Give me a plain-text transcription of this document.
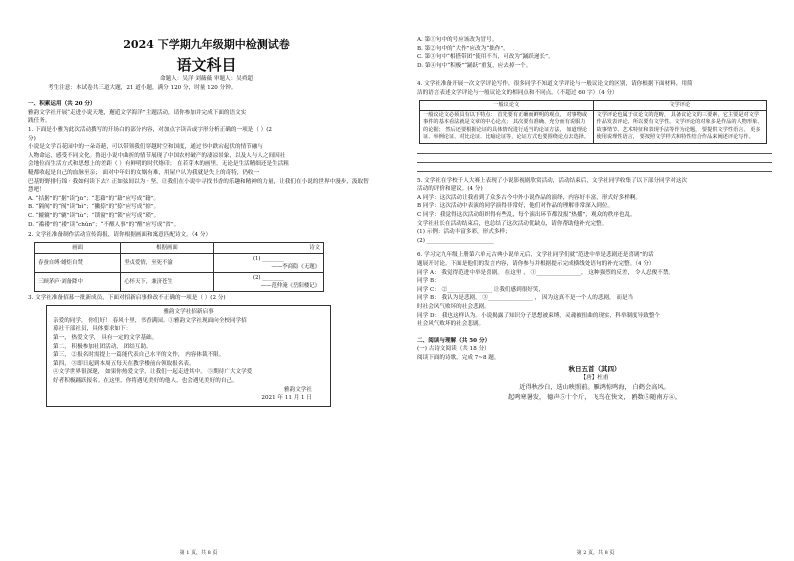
2024 下学期九年级期中检测试卷
语文科目
命题人：吴洋 刘薇薇 审题人：吴舜超
考生注意：本试卷共三道大题，21 道小题，满分 120 分，时量 120 分钟。
一、积累运用（共 20 分）
雅韵文学社开展“走进小说天地，邂逅文学海洋”主题活动，请你参加并完成下面的语文实
践任务。
1. 下面是小雅为此次活动撰写的开场白的部分内容，对加点字读音或字形分析正确的一项是（ ）(2
分)
小说是文学百花园中的一朵奇葩，可以带领我们穿越时空和国度，通过书中跌宕起伏的情节融与
人物命运，感受不同文化。鲁迅小说中曲折的情节展现了中国农村破产的凄凉景象，以及人与人之间因社
会地位而生活方式和思想上的差距（ ）有鲜明的时代烙印； 在若芽木的画里，无论是生活精细还是生活粗
糙都收起是自己的血脉至亲； 面对中年妇的女娲有难，用屋户认为我就是失上的奇特，仍收一
巴基野野排行锦 · 我如何读下去？正如弦间以为 · 坚，让我们在小说中寻找书香的乐趣和精神的力量，让我们在小说的世界中漫步，汲取智
慧吧！
A. “拮据”的“据”读“jū”；“悲藉”的“藉”应写成“籍”。
B. “隔阂”的“阂”读“bǐ”；“撇捺”的“捺”应写成“掠”。
C. “辘辘”的“辘”读“lù”；“锁窗”的“锁”应写成“琐”。
D. “褴褛”的“褛”读“chǔn”；“不醒人事”的“醒”应写成“省”。
2. 文学社准备制作活动宣传海报，请你根据画面和寓意匹配诗文。（4 分）
画面	根据画面	诗文
春蚕自缚·蜡炬自焚	坚贞爱情，至死不渝	(1) ________
——李商隐《无题》

三顾茅庐·刘备降中	心怀天下，兼济苍生	(2) ________
——范仲淹《岳阳楼记》
3. 文学社准备招募一批新成员，下面对招新启事修改不正确的一项是（ ）(2 分)
雅韵文学社招新启事
亲爱的同学， 你们好！ 春风十里，书香满园。①雅韵文学社现面向全校同学招
募社干部社员，具体要求如下：
第一， 热爱文学， 具有一定的文学基础。
第二， 积极参加社团活动， 团结互助。
第三， ②报名时需提上一篇能代表自己水平的文作， 内容体裁不限。
第四， ③即日起到本周五每天在教学楼前台领取报名表。
④文学世界很深邃， 如果你热爱文学，让我们一起走进其中。 ⑤期待广大文学爱
好者积极踊跃报名。在这里，你将遇见美好的他人，也会遇见美好的自己。
雅韵文学社
2021 年 11 月 1 日
第 1 页，共 8 页
A. 第①句中的号应该改为冒号。
B. 第②句中的“大作”应改为“拙作”。
C. 第③句中“相搭带团”使用不当，可改为“踊跃递长”。
D. 第④句中“积极”“踊跃”重复，应去掉一个。
4. 文学社准备开展一次文学评论写作，很多同学不知道文学评论与一般议论文的区别，请你根据下面材料，用简
洁的语言表述文学评论与一般议论文的相同点和不同点。（不超过 60 字）（4 分）
一般议论文	文学评论
一般议论文必须具有以下特点： 首先要有正确而鲜明的观点， 对事物或事件的基本看法就是文章的中心论点； 其次要有准确、充分而有说服力的论据； 然后还要根据论证的具体情况进行适当的论证方法， 如道理论证、举例论证、对比论证、比喻论证等，论证方式也要围绕论点去选择。	文学评论也属于议论文的范畴， 具备议论文的三要素，它主要是对文学作品发表评论，所以要有文学性。文学评论的对象多是作品的人物形象、故事情节、艺术特征和表现手法等作为论题， 要提供文学性语言， 更多使用说理性语言， 要按照文学样式和特性结合作品来阐述评论写作。
5. 文学社在学校千人大赛上表现了小说影视剧欣赏活动，活动结束后，文学社同学收集了以下部分同学对这次
活动的评价和建议。(4 分)
A 同学：这次活动让我看到了众多古今中外小说作品的演绎，内容好丰富，形式好多样啊。
B 同学：这次活动中表演的同学演得非常好，他们对作品的理解非常深入到位。
C 同学：我觉得这次活动组织得有些乱，每个演出环节都没报“热播”，观众的秩序也乱。
文学社社长在活动结束后，也总结了这次活动优缺点，请你帮助他补充完整。
(1) 示例：活动丰富多彩，形式多样；
(2) ________________________
6. 学习完九年级上册第六单元古典小说单元后，文学社同学们就“范进中举是悲剧还是喜剧”的话
题展开讨论。下面是他们的发言内容，请你参与并根据提示完成横线处语句的补充完整。（4 分）
同学 A： 我觉得范进中举是喜剧。 在这里 ， ①________________， 这种强烈的反差， 令人忍俊不禁。
同学 B：
同学 C： ②________________ 让我们感到很好笑，
同学 B： 我认为是悲剧。 ③________________ ， 因为这真不是一个人的悲剧， 而是当
时社会风气败坏的社会悲剧。
同学 D： 我也这样认为。小说揭露了知识分子思想被束缚，灵魂被扭曲的现实，科举制度导致整个
社会风气败坏的社会悲剧。
二、阅读与理解（共 50 分）
(一) 古诗文阅读（共 18 分）
阅读下面的诗歌，完成 7~8 题。
秋日五首（其四）
【唐】杜甫
近得秋沙白，迭山映照前。雁鸿惊鸣海， 白鹤会高风。
起鸣寒暑发， 德声⑤十个斤， 飞鸟在快文， 鸥数⑤随南方④。
第 2 页，共 8 页
